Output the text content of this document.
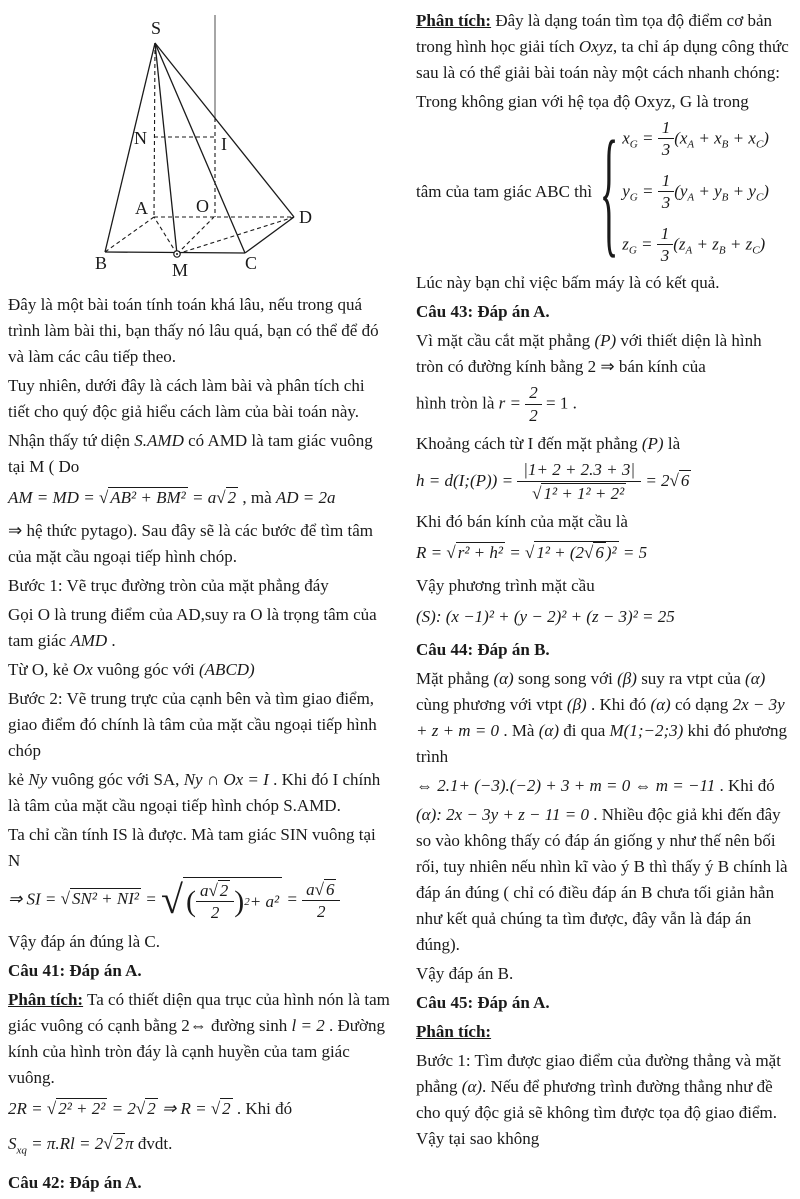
S
N	I
A	O
D
B	M	C

Đây là một bài toán tính toán khá lâu, nếu trong quá trình làm bài thi, bạn thấy nó lâu quá, bạn có thể để đó và làm các câu tiếp theo.

Tuy nhiên, dưới đây là cách làm bài và phân tích chi tiết cho quý độc giả hiểu cách làm của bài toán này.

Nhận thấy tứ diện S.AMD có AMD là tam giác vuông tại M ( Do

AM = MD = √ AB² + BM² = a√ 2 , mà AD = 2a

⇒ hệ thức pytago). Sau đây sẽ là các bước để tìm tâm của mặt cầu ngoại tiếp hình chóp.

Bước 1: Vẽ trục đường tròn của mặt phẳng đáy

Gọi O là trung điểm của AD,suy ra O là trọng tâm của tam giác AMD .

Từ O, kẻ Ox vuông góc với (ABCD)

Bước 2: Vẽ trung trực của cạnh bên và tìm giao điểm, giao điểm đó chính là tâm của mặt cầu ngoại tiếp hình chóp

kẻ Ny vuông góc với SA, Ny ∩ Ox = I . Khi đó I chính là tâm của mặt cầu ngoại tiếp hình chóp S.AMD.

Ta chỉ cần tính IS là được. Mà tam giác SIN vuông tại N

⇒ SI = √ SN² + NI² = √ ( $\frac{a√ 2}{2}$ ) $2 + a^2 = \frac{a√ 6}{2}$

Vậy đáp án đúng là C.

Câu 41: Đáp án A.

Phân tích: Ta có thiết diện qua trục của hình nón là tam giác vuông có cạnh bằng 2⇔ đường sinh l = 2 . Đường kính của hình tròn đáy là cạnh huyền của tam giác vuông.

2R = √ 2² + 2² = 2√ 2 ⇒ R = √ 2 . Khi đó

$S_{xq} = \pi.Rl = 2√$ 2 π đvdt.

Câu 42: Đáp án A.

Phân tích: Đây là dạng toán tìm tọa độ điểm cơ bản trong hình học giải tích Oxyz, ta chỉ áp dụng công thức sau là có thể giải bài toán này một cách nhanh chóng:

Trong không gian với hệ tọa độ Oxyz, G là trong

tâm của tam giác ABC thì { $x_G = \frac{1}{3} (x_A + x_B + x_C)$
$y_G = \frac{1}{3} (y_A + y_B + y_C)$
$z_G = \frac{1}{3} (z_A + z_B + z_C)$

Lúc này bạn chỉ việc bấm máy là có kết quả.

Câu 43: Đáp án A.

Vì mặt cầu cắt mặt phẳng (P) với thiết diện là hình tròn có đường kính bằng 2 ⇒ bán kính của

hình tròn là $r = \frac{2}{2} = 1$ .

Khoảng cách từ I đến mặt phẳng (P) là

h = d(I;(P)) = $\frac{|1+ 2 + 2.3 + 3|}{\text{√ 1² + 1² + 2²}} = 2√$ 6

Khi đó bán kính của mặt cầu là

R = √ r² + h² = √ 1² + (2√ 6 )² = 5

Vậy phương trình mặt cầu

(S): (x −1)² + (y − 2)² + (z − 3)² = 25

Câu 44: Đáp án B.

Mặt phẳng (α) song song với (β) suy ra vtpt của (α) cùng phương với vtpt (β) . Khi đó (α) có dạng 2x − 3y + z + m = 0 . Mà (α) đi qua M(1;−2;3) khi đó phương trình

⇔ 2.1+ (−3).(−2) + 3 + m = 0 ⇔ m = −11 . Khi đó

(α): 2x − 3y + z − 11 = 0 . Nhiều độc giả khi đến đây so vào không thấy có đáp án giống y như thế nên bối rối, tuy nhiên nếu nhìn kĩ vào ý B thì thấy ý B chính là đáp án đúng ( chỉ có điều đáp án B chưa tối giản hẳn như kết quả chúng ta tìm được, đây vẫn là đáp án đúng).

Vậy đáp án B.

Câu 45: Đáp án A.

Phân tích:

Bước 1: Tìm được giao điểm của đường thẳng và mặt phẳng (α). Nếu để phương trình đường thẳng như đề cho quý độc giả sẽ không tìm được tọa độ giao điểm. Vậy tại sao không
